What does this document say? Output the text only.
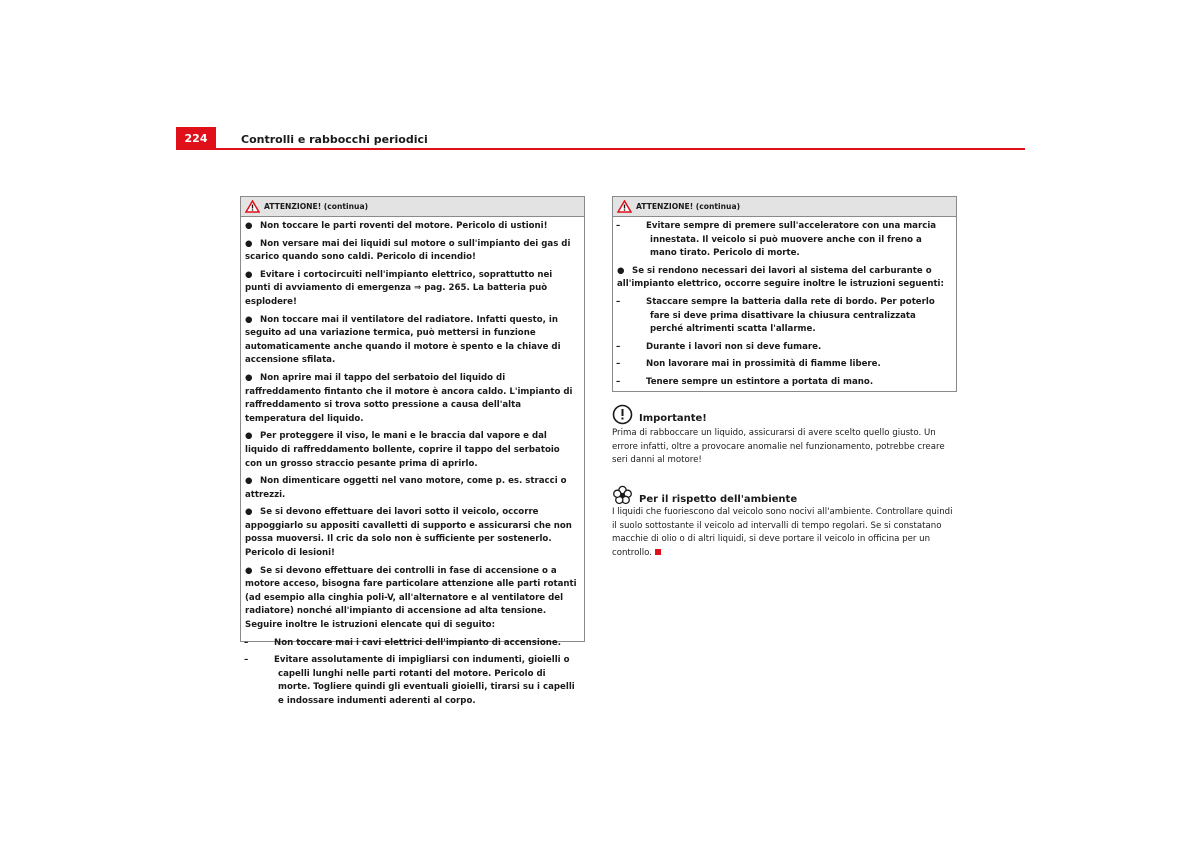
224	Controlli e rabbocchi periodici
ATTENZIONE! (continua)
● Non toccare le parti roventi del motore. Pericolo di ustioni!
● Non versare mai dei liquidi sul motore o sull'impianto dei gas di scarico quando sono caldi. Pericolo di incendio!
● Evitare i cortocircuiti nell'impianto elettrico, soprattutto nei punti di avviamento di emergenza ⇒ pag. 265. La batteria può esplodere!
● Non toccare mai il ventilatore del radiatore. Infatti questo, in seguito ad una variazione termica, può mettersi in funzione automaticamente anche quando il motore è spento e la chiave di accensione sfilata.
● Non aprire mai il tappo del serbatoio del liquido di raffreddamento fintanto che il motore è ancora caldo. L'impianto di raffreddamento si trova sotto pressione a causa dell'alta temperatura del liquido.
● Per proteggere il viso, le mani e le braccia dal vapore e dal liquido di raffreddamento bollente, coprire il tappo del serbatoio con un grosso straccio pesante prima di aprirlo.
● Non dimenticare oggetti nel vano motore, come p. es. stracci o attrezzi.
● Se si devono effettuare dei lavori sotto il veicolo, occorre appoggiarlo su appositi cavalletti di supporto e assicurarsi che non possa muoversi. Il cric da solo non è sufficiente per sostenerlo. Pericolo di lesioni!
● Se si devono effettuare dei controlli in fase di accensione o a motore acceso, bisogna fare particolare attenzione alle parti rotanti (ad esempio alla cinghia poli-V, all'alternatore e al ventilatore del radiatore) nonché all'impianto di accensione ad alta tensione. Seguire inoltre le istruzioni elencate qui di seguito:
–	Non toccare mai i cavi elettrici dell'impianto di accensione.
–	Evitare assolutamente di impigliarsi con indumenti, gioielli o capelli lunghi nelle parti rotanti del motore. Pericolo di morte. Togliere quindi gli eventuali gioielli, tirarsi su i capelli e indossare indumenti aderenti al corpo.
ATTENZIONE! (continua)
–	Evitare sempre di premere sull'acceleratore con una marcia innestata. Il veicolo si può muovere anche con il freno a mano tirato. Pericolo di morte.
● Se si rendono necessari dei lavori al sistema del carburante o all'impianto elettrico, occorre seguire inoltre le istruzioni seguenti:
–	Staccare sempre la batteria dalla rete di bordo. Per poterlo fare si deve prima disattivare la chiusura centralizzata perché altrimenti scatta l'allarme.
–	Durante i lavori non si deve fumare.
–	Non lavorare mai in prossimità di fiamme libere.
–	Tenere sempre un estintore a portata di mano.
Importante!
Prima di rabboccare un liquido, assicurarsi di avere scelto quello giusto. Un errore infatti, oltre a provocare anomalie nel funzionamento, potrebbe creare seri danni al motore!
Per il rispetto dell'ambiente
I liquidi che fuoriescono dal veicolo sono nocivi all'ambiente. Controllare quindi il suolo sottostante il veicolo ad intervalli di tempo regolari. Se si constatano macchie di olio o di altri liquidi, si deve portare il veicolo in officina per un controllo.
